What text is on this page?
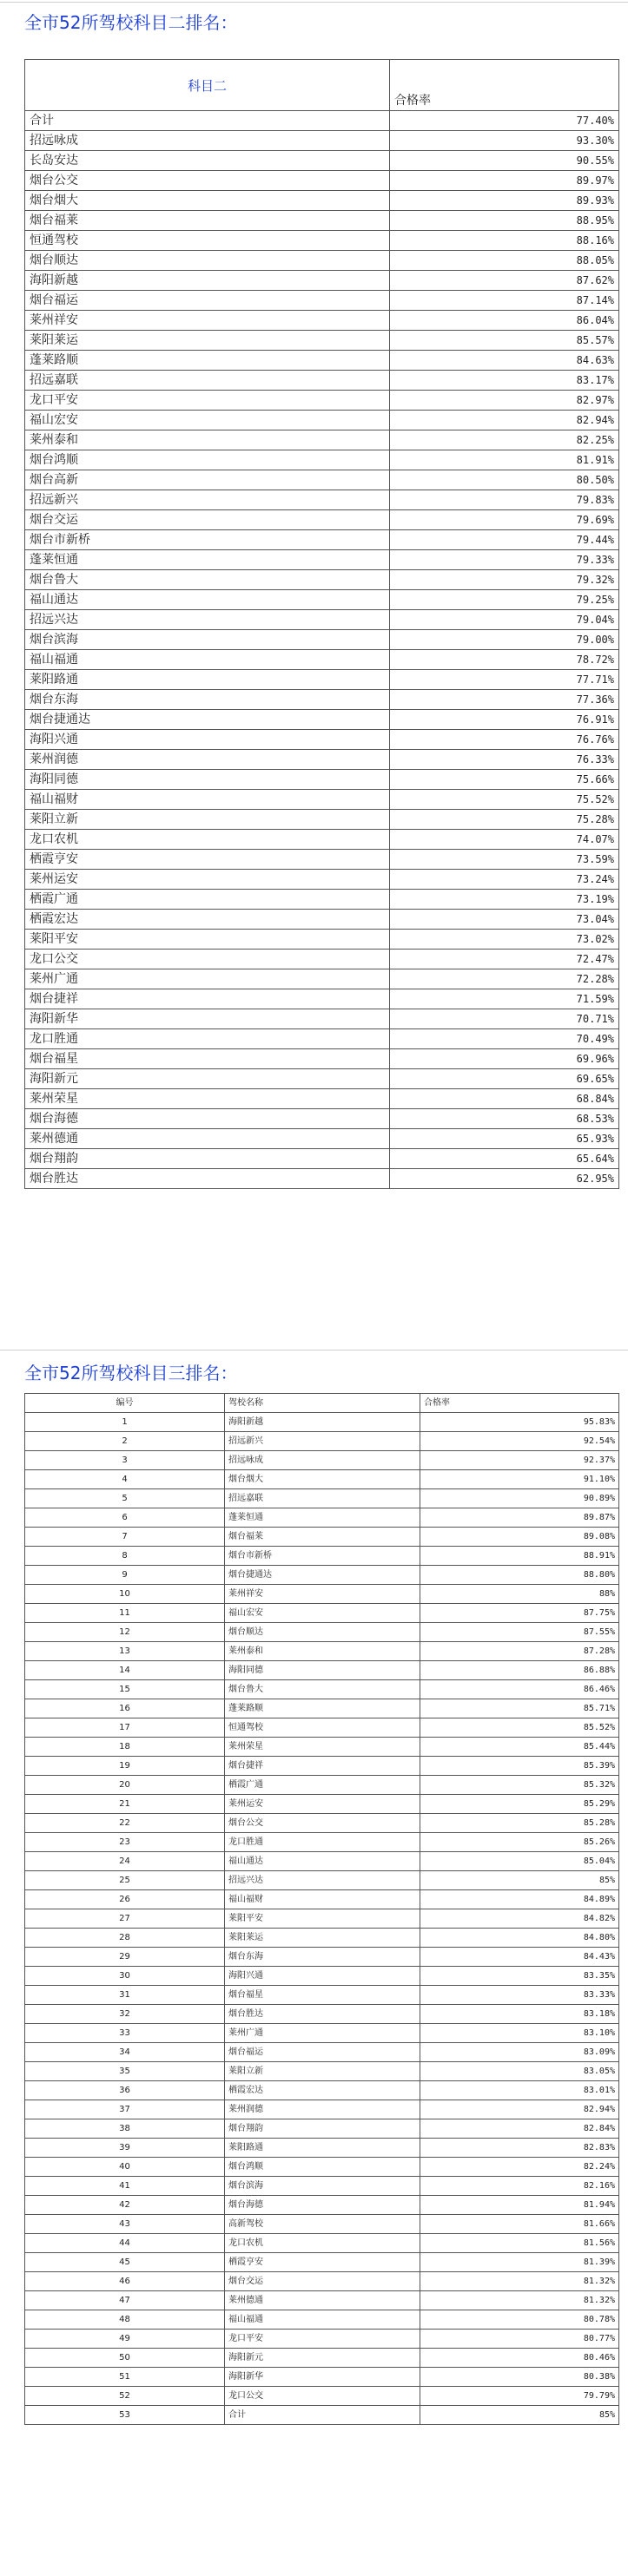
全市52所驾校科目二排名：
科目二	合格率
合计	77.40%
招远咏成	93.30%
长岛安达	90.55%
烟台公交	89.97%
烟台烟大	89.93%
烟台福莱	88.95%
恒通驾校	88.16%
烟台顺达	88.05%
海阳新越	87.62%
烟台福运	87.14%
莱州祥安	86.04%
莱阳莱运	85.57%
蓬莱路顺	84.63%
招远嘉联	83.17%
龙口平安	82.97%
福山宏安	82.94%
莱州泰和	82.25%
烟台鸿顺	81.91%
烟台高新	80.50%
招远新兴	79.83%
烟台交运	79.69%
烟台市新桥	79.44%
蓬莱恒通	79.33%
烟台鲁大	79.32%
福山通达	79.25%
招远兴达	79.04%
烟台滨海	79.00%
福山福通	78.72%
莱阳路通	77.71%
烟台东海	77.36%
烟台捷通达	76.91%
海阳兴通	76.76%
莱州润德	76.33%
海阳同德	75.66%
福山福财	75.52%
莱阳立新	75.28%
龙口农机	74.07%
栖霞亨安	73.59%
莱州运安	73.24%
栖霞广通	73.19%
栖霞宏达	73.04%
莱阳平安	73.02%
龙口公交	72.47%
莱州广通	72.28%
烟台捷祥	71.59%
海阳新华	70.71%
龙口胜通	70.49%
烟台福星	69.96%
海阳新元	69.65%
莱州荣星	68.84%
烟台海德	68.53%
莱州德通	65.93%
烟台翔韵	65.64%
烟台胜达	62.95%
全市52所驾校科目三排名：
编号	驾校名称	合格率
1	海阳新越	95.83%
2	招远新兴	92.54%
3	招远咏成	92.37%
4	烟台烟大	91.10%
5	招远嘉联	90.89%
6	蓬莱恒通	89.87%
7	烟台福莱	89.08%
8	烟台市新桥	88.91%
9	烟台捷通达	88.80%
10	莱州祥安	88%
11	福山宏安	87.75%
12	烟台顺达	87.55%
13	莱州泰和	87.28%
14	海阳同德	86.88%
15	烟台鲁大	86.46%
16	蓬莱路顺	85.71%
17	恒通驾校	85.52%
18	莱州荣星	85.44%
19	烟台捷祥	85.39%
20	栖霞广通	85.32%
21	莱州运安	85.29%
22	烟台公交	85.28%
23	龙口胜通	85.26%
24	福山通达	85.04%
25	招远兴达	85%
26	福山福财	84.89%
27	莱阳平安	84.82%
28	莱阳莱运	84.80%
29	烟台东海	84.43%
30	海阳兴通	83.35%
31	烟台福星	83.33%
32	烟台胜达	83.18%
33	莱州广通	83.10%
34	烟台福运	83.09%
35	莱阳立新	83.05%
36	栖霞宏达	83.01%
37	莱州润德	82.94%
38	烟台翔韵	82.84%
39	莱阳路通	82.83%
40	烟台鸿顺	82.24%
41	烟台滨海	82.16%
42	烟台海德	81.94%
43	高新驾校	81.66%
44	龙口农机	81.56%
45	栖霞亨安	81.39%
46	烟台交运	81.32%
47	莱州德通	81.32%
48	福山福通	80.78%
49	龙口平安	80.77%
50	海阳新元	80.46%
51	海阳新华	80.38%
52	龙口公交	79.79%
53	合计	85%
